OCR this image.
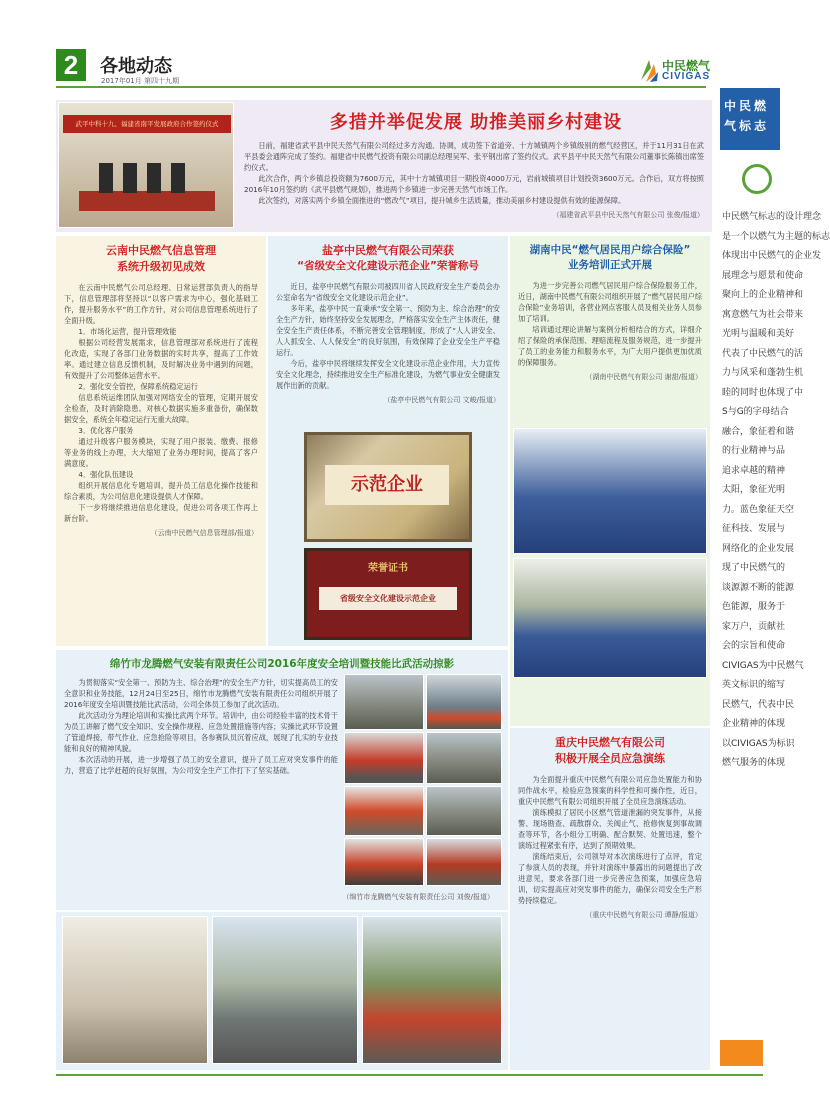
2	各地动态
2017年01月 第四十九期
中民燃气
CIVIGAS
武平中科十九、福建省南平发展政府合作签约仪式	多措并举促发展 助推美丽乡村建设

日前，福建省武平县中民天然气有限公司经过多方沟通、协调，成功签下省道旁、十方城镇两个乡镇级别的燃气经营区，并于11月31日在武平县委会通阵完成了签约。福建省中民燃气投资有限公司副总经理吴军、张平钢出席了签约仪式。武平县平中民天然气有限公司董事长陈镇出席签约仪式。

此次合作，两个乡镇总投资额为7600万元，其中十方城镇项目一期投资4000万元，岩前城镇项目计划投资3600万元。合作后，双方将按照2016年10月签约的《武平县燃气规划》，推进两个乡镇进一步完善天然气市场工作。

此次签约，对落实两个乡镇全面推进的“燃改气”项目，提升城乡生活质量，推动美丽乡村建设提供有效的能源保障。

（福建省武平县中民天然气有限公司 张俊/报道）

云南中民燃气信息管理
系统升级初见成效

在云南中民燃气公司总经理、日常运营部负责人的指导下，信息管理部将坚持以“以客户需求为中心，强化基础工作，提升服务水平”的工作方针，对公司信息管理系统进行了全面升级。

1．市场化运营，提升管理效能

根据公司经营发展需求，信息管理部对系统进行了流程化改造，实现了各部门业务数据的实时共享，提高了工作效率。通过建立信息反馈机制，及时解决业务中遇到的问题，有效提升了公司整体运营水平。

2．强化安全管控，保障系统稳定运行

信息系统运维团队加强对网络安全的管理，定期开展安全检查，及时消除隐患。对核心数据实施多重备份，确保数据安全，系统全年稳定运行无重大故障。

3．优化客户服务

通过升级客户服务模块，实现了用户报装、缴费、报修等业务的线上办理，大大缩短了业务办理时间，提高了客户满意度。

4．强化队伍建设

组织开展信息化专题培训，提升员工信息化操作技能和综合素质，为公司信息化建设提供人才保障。

下一步将继续推进信息化建设，促进公司各项工作再上新台阶。

（云南中民燃气信息管理部/报道）

盐亭中民燃气有限公司荣获
“省级安全文化建设示范企业”荣誉称号

近日，盐亭中民燃气有限公司被四川省人民政府安全生产委员会办公室命名为“省级安全文化建设示范企业”。

多年来，盐亭中民一直秉承“安全第一、预防为主、综合治理”的安全生产方针，始终坚持安全发展理念，严格落实安全生产主体责任，健全安全生产责任体系，不断完善安全管理制度，形成了“人人讲安全、人人抓安全、人人保安全”的良好氛围，有效保障了企业安全生产平稳运行。

今后，盐亭中民将继续发挥安全文化建设示范企业作用，大力宣传安全文化理念，持续推进安全生产标准化建设，为燃气事业安全健康发展作出新的贡献。

（盐亭中民燃气有限公司 文峻/报道）

示范企业
荣誉证书
省级安全文化建设示范企业
湖南中民“燃气居民用户综合保险”
业务培训正式开展

为进一步完善公司燃气居民用户综合保险服务工作，近日，湖南中民燃气有限公司组织开展了“燃气居民用户综合保险”业务培训，各营业网点客服人员及相关业务人员参加了培训。

培训通过理论讲解与案例分析相结合的方式，详细介绍了保险的承保范围、理赔流程及服务规范，进一步提升了员工的业务能力和服务水平，为广大用户提供更加优质的保障服务。

（湖南中民燃气有限公司 谢甜/报道）

绵竹市龙腾燃气安装有限责任公司2016年度安全培训暨技能比武活动掠影

为贯彻落实“安全第一、预防为主、综合治理”的安全生产方针，切实提高员工的安全意识和业务技能，12月24日至25日，绵竹市龙腾燃气安装有限责任公司组织开展了2016年度安全培训暨技能比武活动，公司全体员工参加了此次活动。

此次活动分为理论培训和实操比武两个环节。培训中，由公司经验丰富的技术骨干为员工讲解了燃气安全知识、安全操作规程、应急处置措施等内容；实操比武环节设置了管道焊接、带气作业、应急抢险等项目，各参赛队员沉着应战，展现了扎实的专业技能和良好的精神风貌。

本次活动的开展，进一步增强了员工的安全意识，提升了员工应对突发事件的能力，营造了比学赶超的良好氛围，为公司安全生产工作打下了坚实基础。

（绵竹市龙腾燃气安装有限责任公司 刘俊/报道）

重庆中民燃气有限公司
积极开展全员应急演练

为全面提升重庆中民燃气有限公司应急处置能力和协同作战水平，检验应急预案的科学性和可操作性，近日，重庆中民燃气有限公司组织开展了全员应急演练活动。

演练模拟了居民小区燃气管道泄漏的突发事件，从接警、现场勘查、疏散群众、关阀止气、抢修恢复到事故调查等环节，各小组分工明确、配合默契、处置迅速，整个演练过程紧张有序，达到了预期效果。

演练结束后，公司领导对本次演练进行了点评，肯定了参演人员的表现，并针对演练中暴露出的问题提出了改进意见，要求各部门进一步完善应急预案，加强应急培训，切实提高应对突发事件的能力，确保公司安全生产形势持续稳定。

（重庆中民燃气有限公司 谭静/报道）

中民燃气标志
中民燃气标志的设计理念
是一个以燃气为主题的标志
体现出中民燃气的企业发
展理念与愿景和使命
聚向上的企业精神和
寓意燃气为社会带来
光明与温暖和美好
代表了中民燃气的活
力与风采和蓬勃生机
睦的同时也体现了中
S与G的字母结合
融合，象征着和谐
的行业精神与品
追求卓越的精神
太阳，象征光明
力。蓝色象征天空
征科技、发展与
网络化的企业发展
现了中民燃气的
谈源源不断的能源
色能源，服务于
家万户，贡献社
会的宗旨和使命
CIVIGAS为中民燃气
英文标识的缩写
民燃气，代表中民
企业精神的体现
以CIVIGAS为标识
燃气服务的体现
